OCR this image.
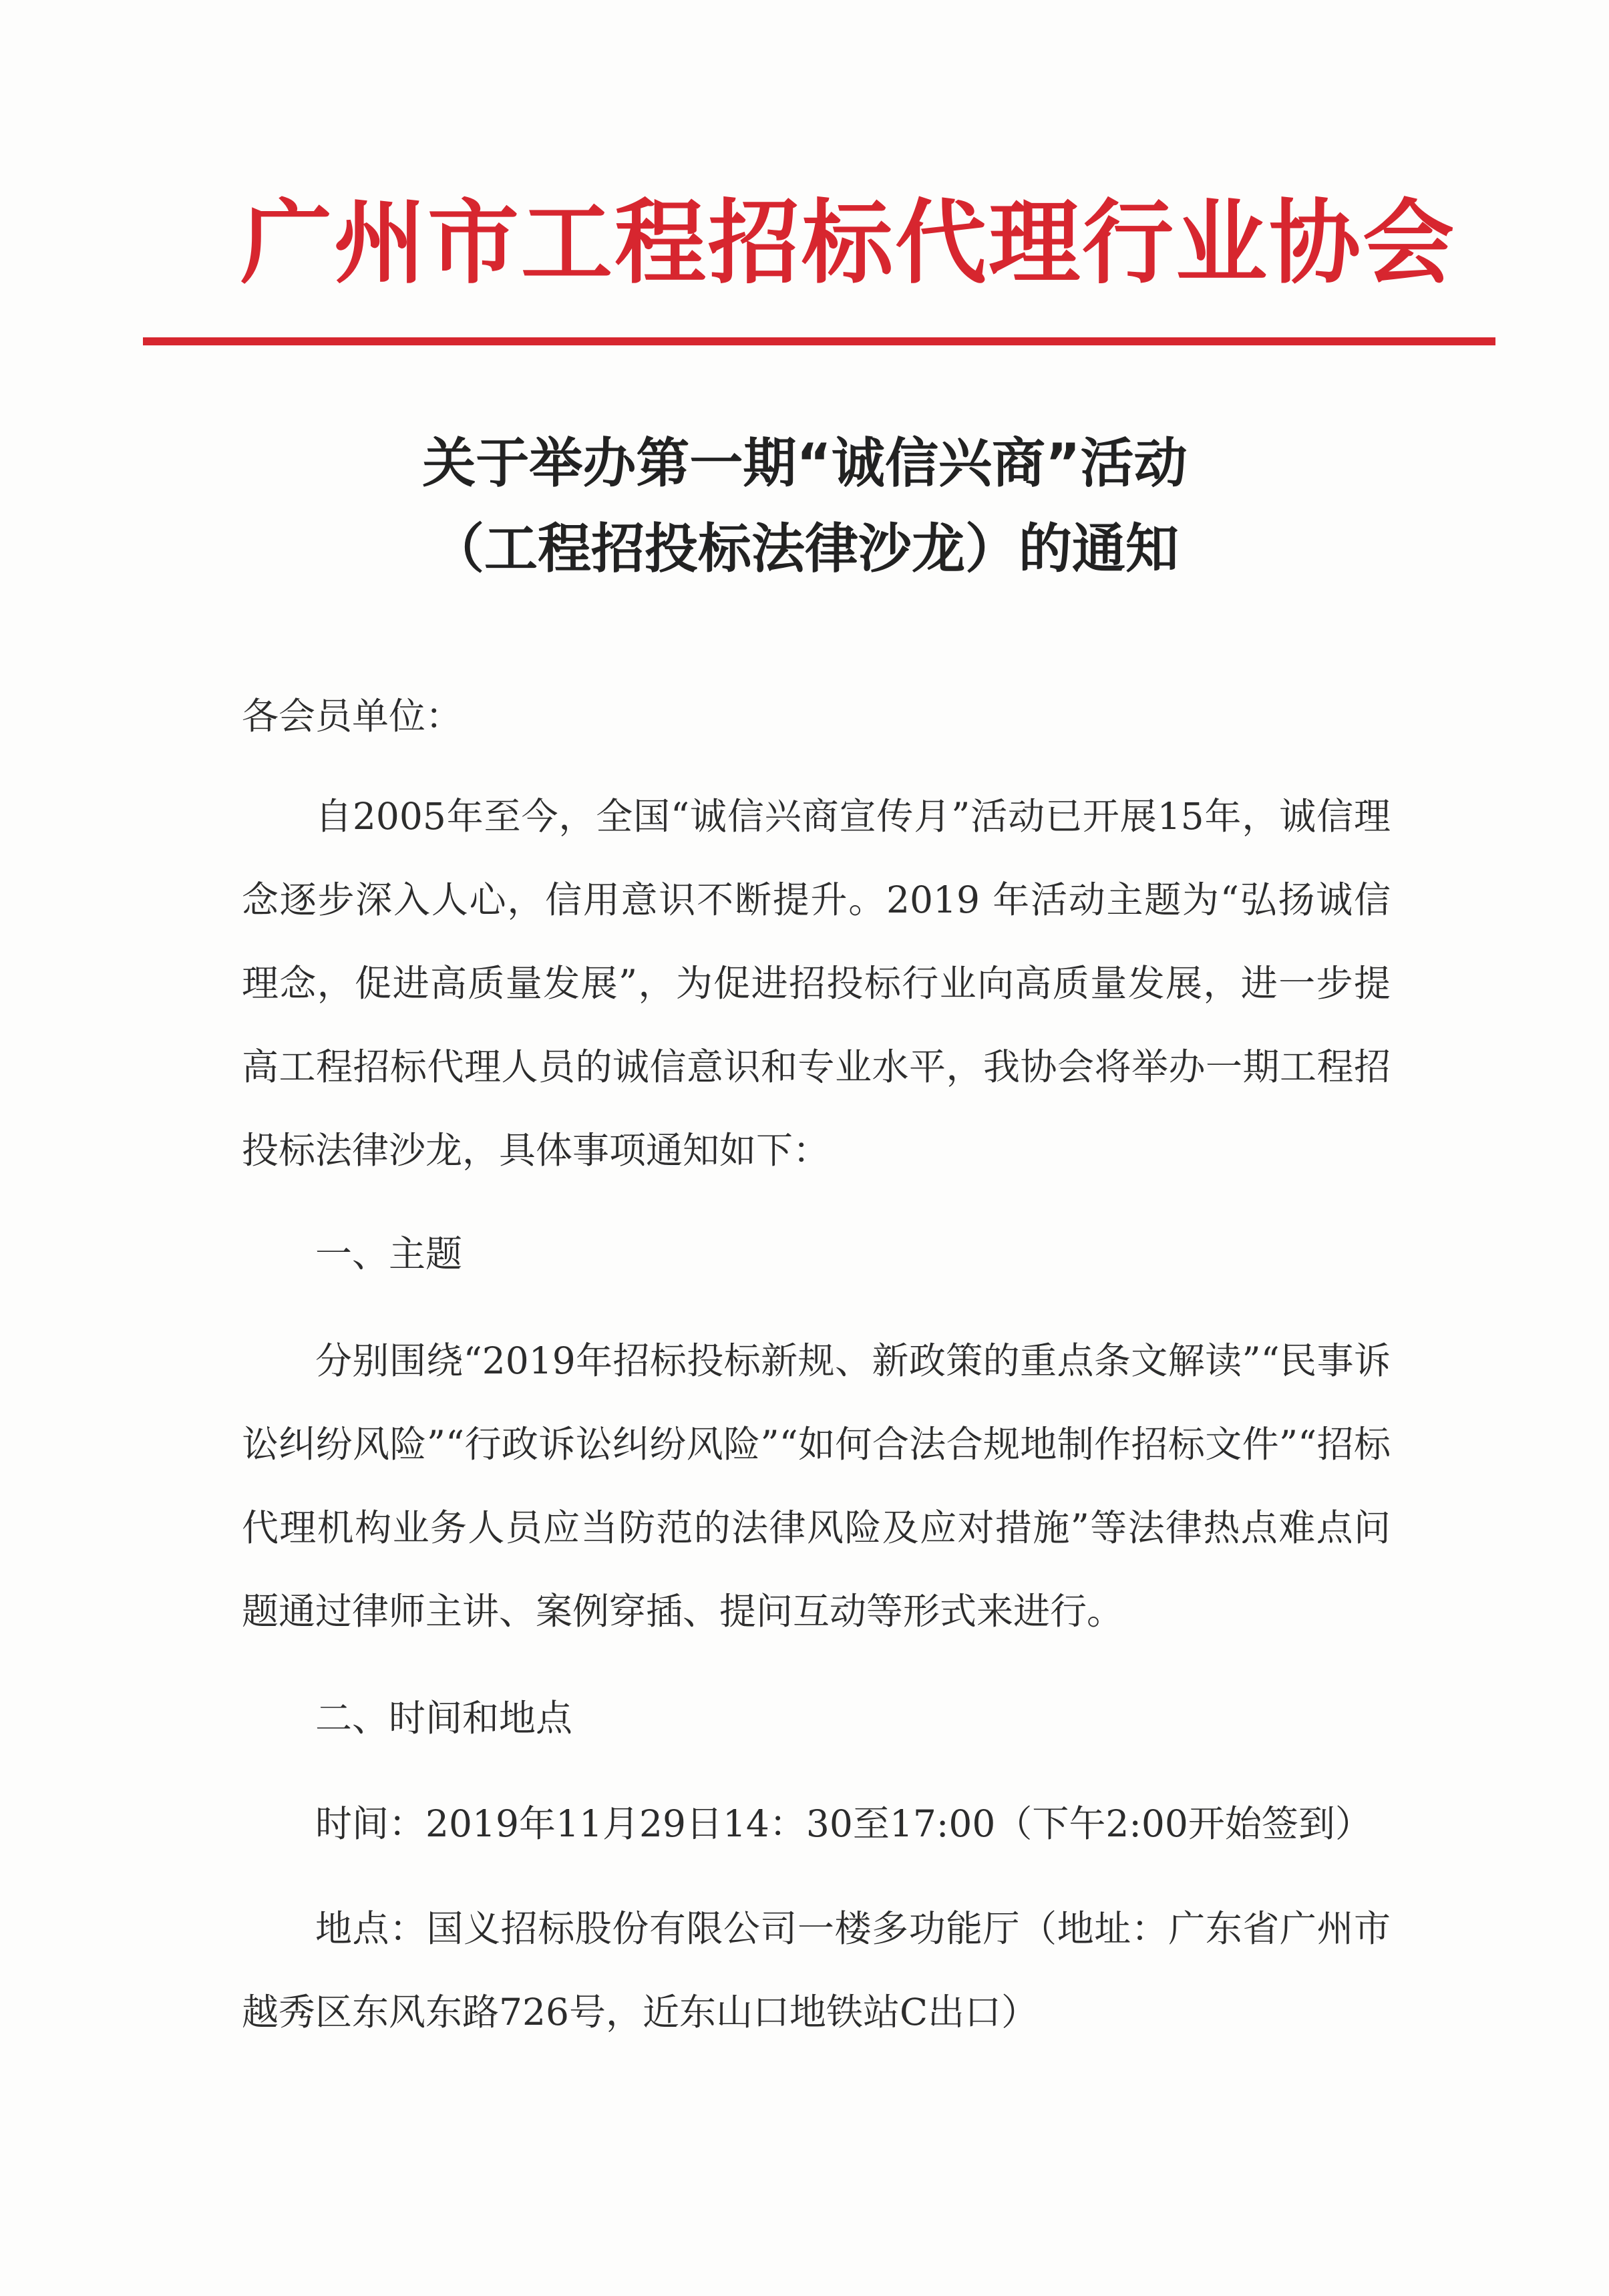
广州市工程招标代理行业协会
关于举办第一期“诚信兴商”活动
（工程招投标法律沙龙）的通知

各会员单位：

自2005年至今，全国“诚信兴商宣传月”活动已开展15年，诚信理念逐步深入人心，信用意识不断提升。2019 年活动主题为“弘扬诚信理念，促进高质量发展”，为促进招投标行业向高质量发展，进一步提高工程招标代理人员的诚信意识和专业水平，我协会将举办一期工程招投标法律沙龙，具体事项通知如下：

一、主题

分别围绕“2019年招标投标新规、新政策的重点条文解读”“民事诉讼纠纷风险”“行政诉讼纠纷风险”“如何合法合规地制作招标文件”“招标代理机构业务人员应当防范的法律风险及应对措施”等法律热点难点问题通过律师主讲、案例穿插、提问互动等形式来进行。

二、时间和地点

时间：2019年11月29日14：30至17:00（下午2:00开始签到）

地点：国义招标股份有限公司一楼多功能厅（地址：广东省广州市越秀区东风东路726号，近东山口地铁站C出口）
